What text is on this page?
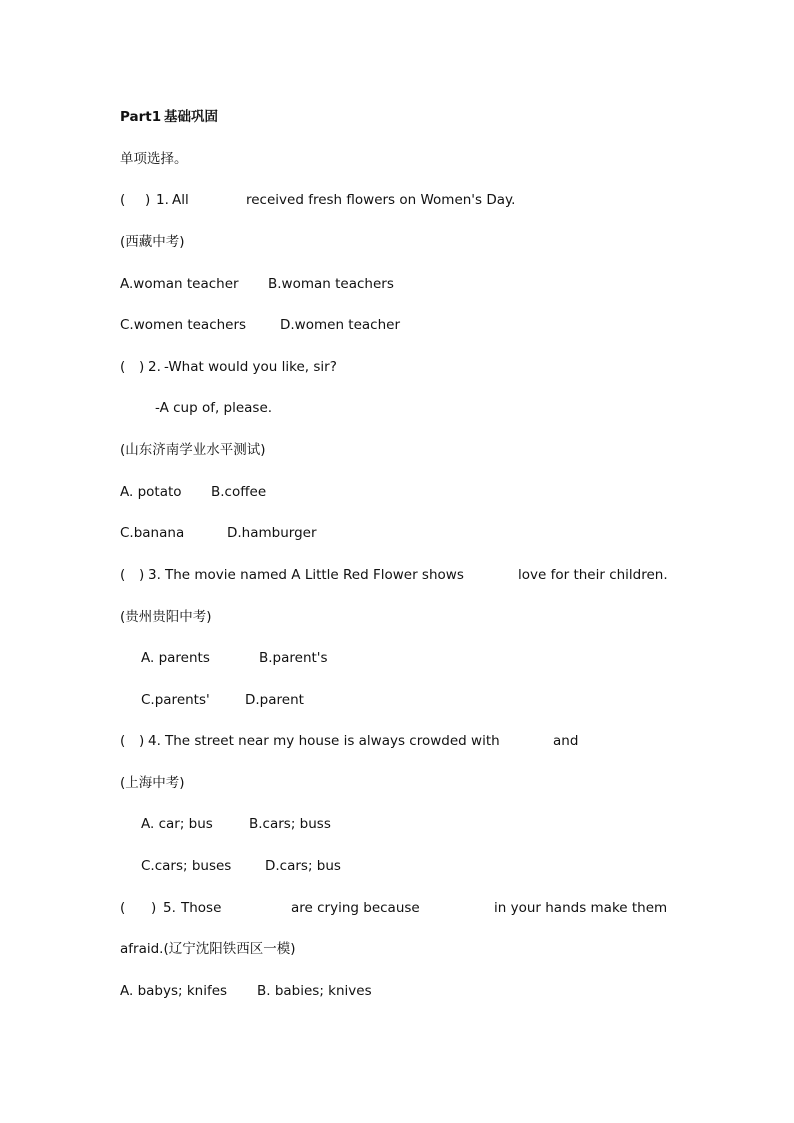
Part1 基础巩固
单项选择。
( ) 1. All	received fresh flowers on Women's Day.
(西藏中考)
A.woman teacher B.woman teachers
C.women teachers	D.women teacher
( ) 2. -What would you like, sir?
-A cup of, please.
(山东济南学业水平测试)
A. potato B.coffee
C.banana	D.hamburger
( ) 3. The movie named A Little Red Flower shows	love for their children.
(贵州贵阳中考)
A. parents	B.parent's
C.parents'	D.parent
( ) 4. The street near my house is always crowded with	and
(上海中考)
A. car; bus	B.cars; buss
C.cars; buses D.cars; bus
( ) 5. Those	are crying because	in your hands make them
afraid.(辽宁沈阳铁西区一模)
A. babys; knifes B. babies; knives
